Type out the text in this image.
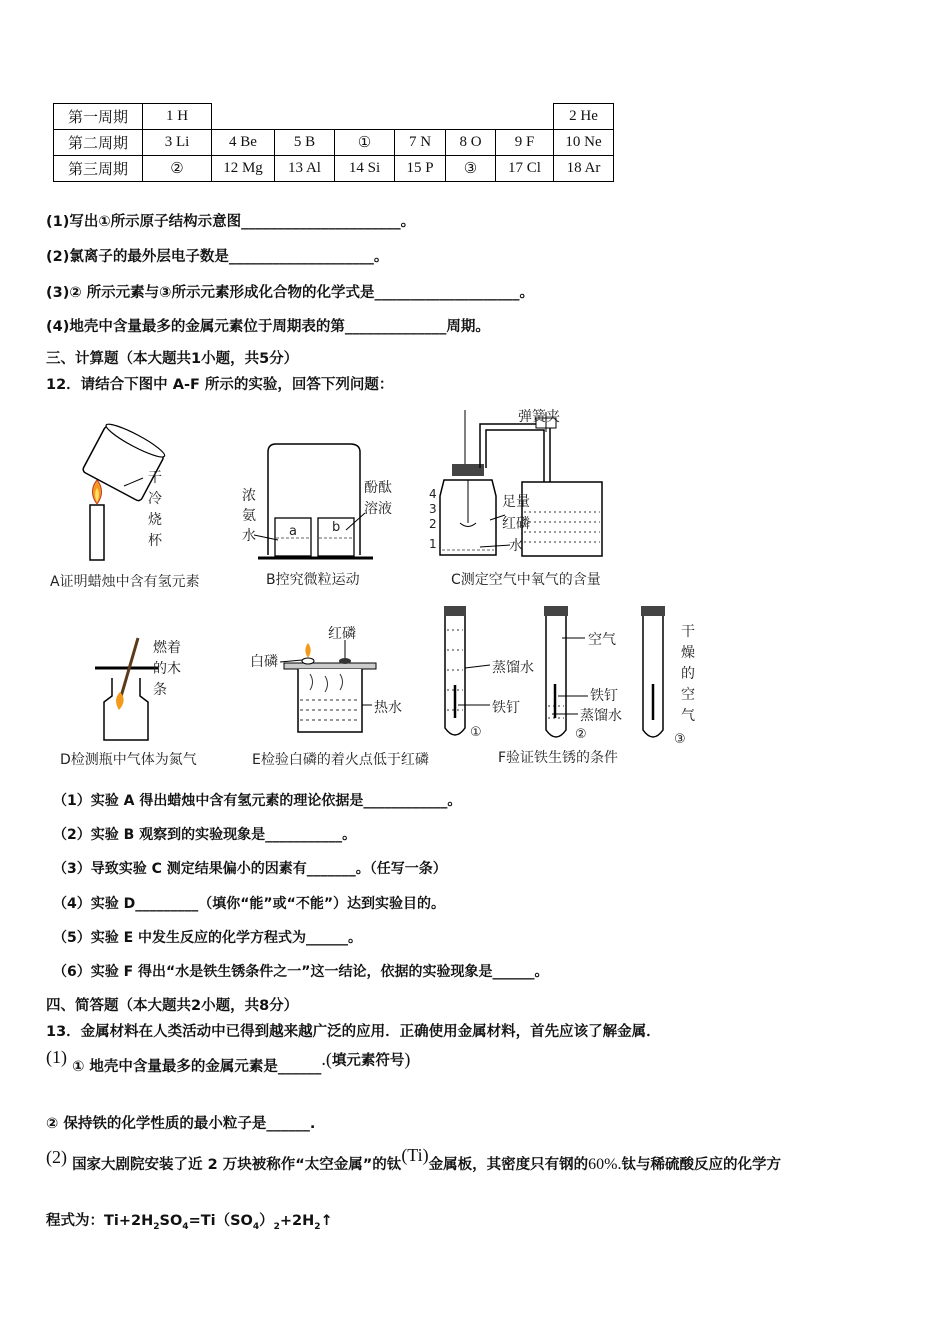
第一周期	1 H							2 He
第二周期	3 Li	4 Be	5 B	①	7 N	8 O	9 F	10 Ne
第三周期	②	12 Mg	13 Al	14 Si	15 P	③	17 Cl	18 Ar
(1)写出①所示原子结构示意图______________________。
(2)氯离子的最外层电子数是____________________。
(3)② 所示元素与③所示元素形成化合物的化学式是____________________。
(4)地壳中含量最多的金属元素位于周期表的第______________周期。
三、计算题（本大题共1小题，共5分）
12．请结合下图中 A-F 所示的实验，回答下列问题：
干
冷
烧
杯
A证明蜡烛中含有氢元素
a	b
浓
氨
水
酚酞
溶液
B控究微粒运动
弹簧夹
足量
红磷
水
4
3
2
1
C测定空气中氧气的含量
燃着
的木
条
D检测瓶中气体为氮气
红磷
白磷
热水
E检验白磷的着火点低于红磷
蒸馏水
铁钉
空气
铁钉
蒸馏水
干
燥
的
空
气
①	②	③
F验证铁生锈的条件
（1）实验 A 得出蜡烛中含有氢元素的理论依据是____________。
（2）实验 B 观察到的实验现象是___________。
（3）导致实验 C 测定结果偏小的因素有_______。（任写一条）
（4）实验 D_________（填你“能”或“不能”）达到实验目的。
（5）实验 E 中发生反应的化学方程式为______。
（6）实验 F 得出“水是铁生锈条件之一”这一结论，依据的实验现象是______。
四、简答题（本大题共2小题，共8分）
13．金属材料在人类活动中已得到越来越广泛的应用．正确使用金属材料，首先应该了解金属．
(1) ① 地壳中含量最多的金属元素是______.(填元素符号)
② 保持铁的化学性质的最小粒子是______.
(2) 国家大剧院安装了近 2 万块被称作“太空金属”的钛(Ti)金属板，其密度只有钢的60%.钛与稀硫酸反应的化学方
程式为：$Ti+2H_2SO_4=Ti(SO_4)_2+2H_2↑$
